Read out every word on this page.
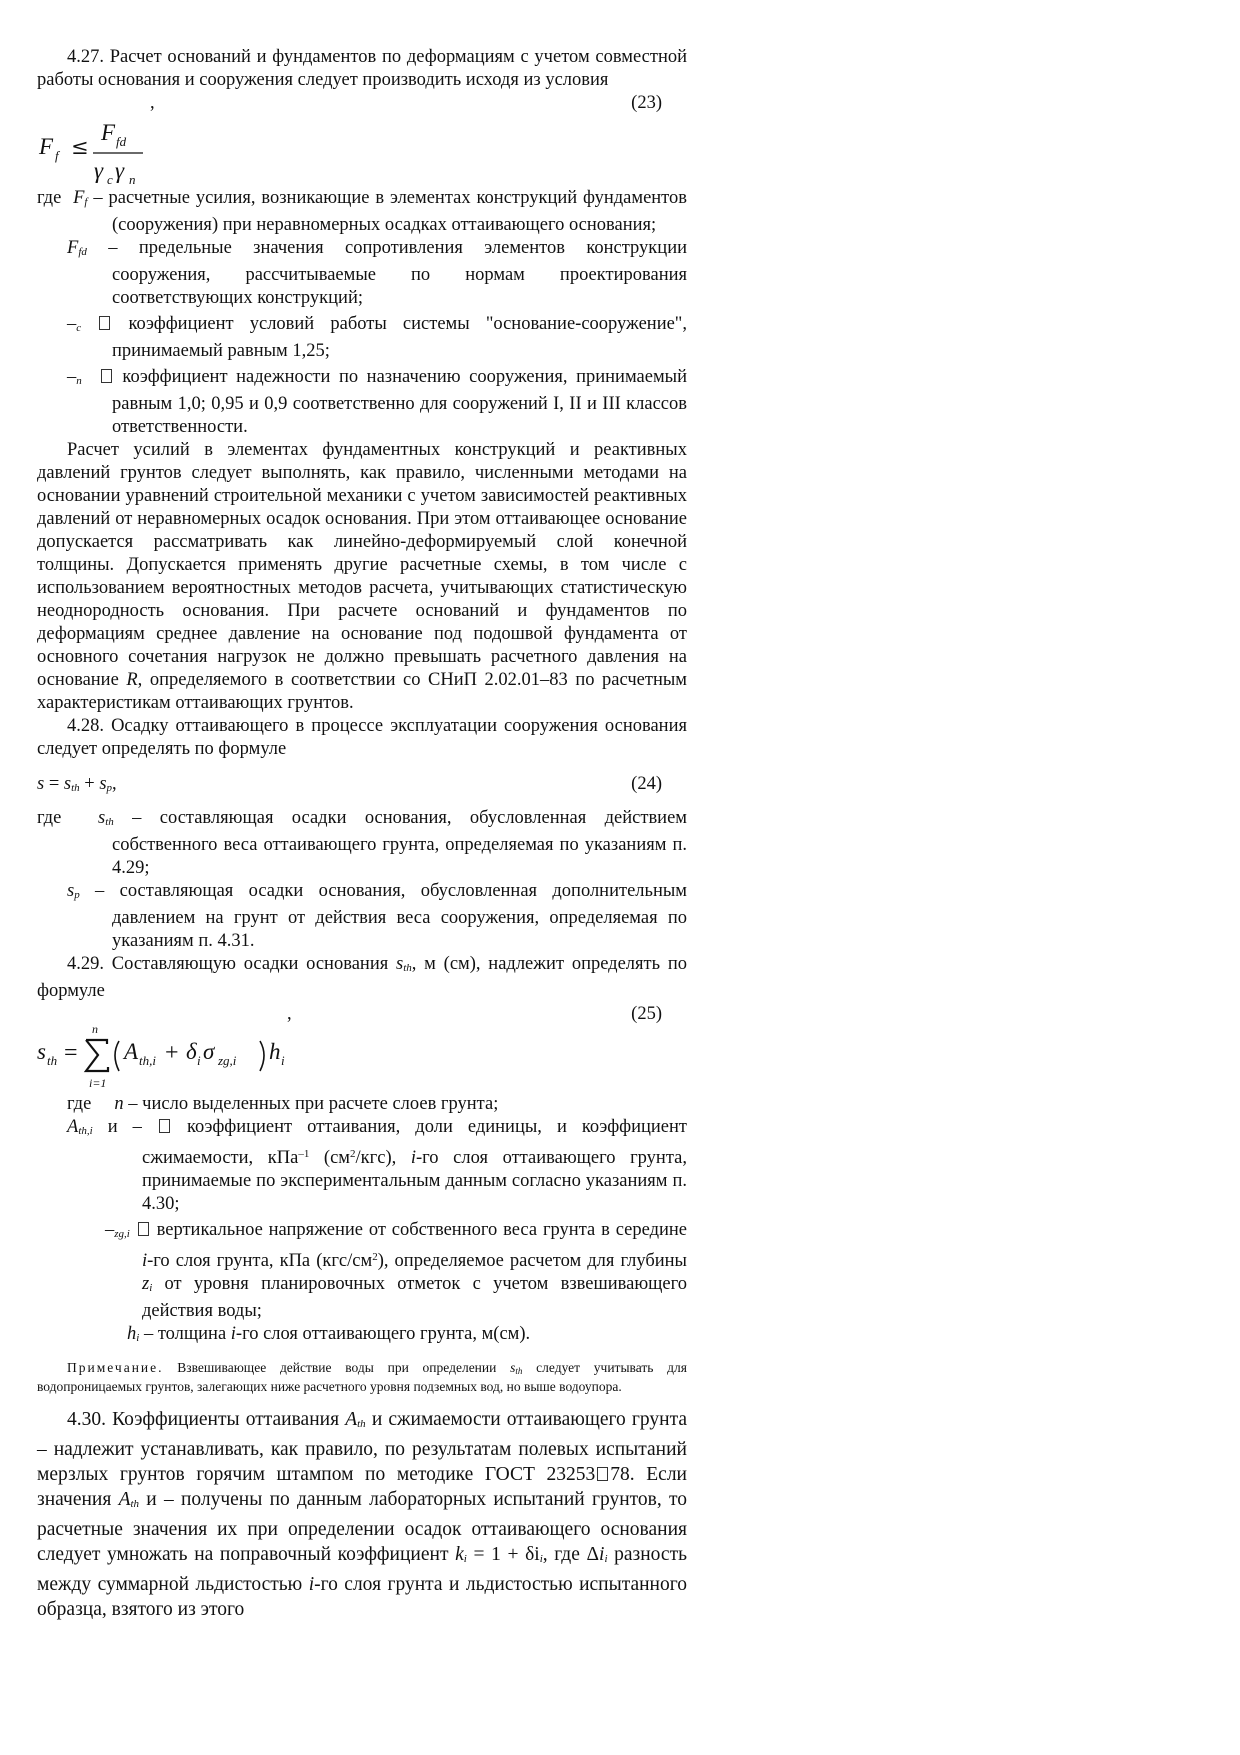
4.27. Расчет оснований и фундаментов по деформациям с учетом совместной работы основания и сооружения следует производить исходя из условия

,	(23)
F f ≤
F fd
γ c γ n

где Ff – расчетные усилия, возникающие в элементах конструкций фундаментов (сооружения) при неравномерных осадках оттаивающего основания;

Ffd – предельные значения сопротивления элементов конструкции сооружения, рассчитываемые по нормам проектирования соответствующих конструкций;

–c  коэффициент условий работы системы "основание-сооружение", принимаемый равным 1,25;

–n   коэффициент надежности по назначению сооружения, принимаемый равным 1,0; 0,95 и 0,9 соответственно для сооружений I, II и III классов ответственности.

Расчет усилий в элементах фундаментных конструкций и реактивных давлений грунтов следует выполнять, как правило, численными методами на основании уравнений строительной механики с учетом зависимостей реактивных давлений от неравномерных осадок основания. При этом оттаивающее основание допускается рассматривать как линейно-деформируемый слой конечной толщины. Допускается применять другие расчетные схемы, в том числе с использованием вероятностных методов расчета, учитывающих статистическую неоднородность основания. При расчете оснований и фундаментов по деформациям среднее давление на основание под подошвой фундамента от основного сочетания нагрузок не должно превышать расчетного давления на основание R, определяемого в соответствии со СНиП 2.02.01–83 по расчетным характеристикам оттаивающих грунтов.

4.28. Осадку оттаивающего в процессе эксплуатации сооружения основания следует определять по формуле

s = sth + sp,	(24)

где sth – составляющая осадки основания, обусловленная действием собственного веса оттаивающего грунта, определяемая по указаниям п. 4.29;

sp – составляющая осадки основания, обусловленная дополнительным давлением на грунт от действия веса сооружения, определяемая по указаниям п. 4.31.

4.29. Составляющую осадки основания sth, м (см), надлежит определять по формуле

,	(25)
s th =
n
i=1
A th,i + δ i σ zg,i h i

где n – число выделенных при расчете слоев грунта;

Ath,i и –  коэффициент оттаивания, доли единицы, и коэффициент сжимаемости, кПа$^{-1}$ $(см^2/кгс)$, i-го слоя оттаивающего грунта, принимаемые по экспериментальным данным согласно указаниям п. 4.30;

–zg,i  вертикальное напряжение от собственного веса грунта в середине i-го слоя грунта, кПа $(кгс/см^2)$, определяемое расчетом для глубины zi от уровня планировочных отметок с учетом взвешивающего действия воды;

hi – толщина i-го слоя оттаивающего грунта, м(см).

Примечание. Взвешивающее действие воды при определении $s_{th}$ следует учитывать для водопроницаемых грунтов, залегающих ниже расчетного уровня подземных вод, но выше водоупора.

4.30. Коэффициенты оттаивания Ath и сжимаемости оттаивающего грунта – надлежит устанавливать, как правило, по результатам полевых испытаний мерзлых грунтов горячим штампом по методике ГОСТ 23253 78. Если значения Ath и – получены по данным лабораторных испытаний грунтов, то расчетные значения их при определении осадок оттаивающего основания следует умножать на поправочный коэффициент ki = 1 + δii, где Δii разность между суммарной льдистостью i-го слоя грунта и льдистостью испытанного образца, взятого из этого
